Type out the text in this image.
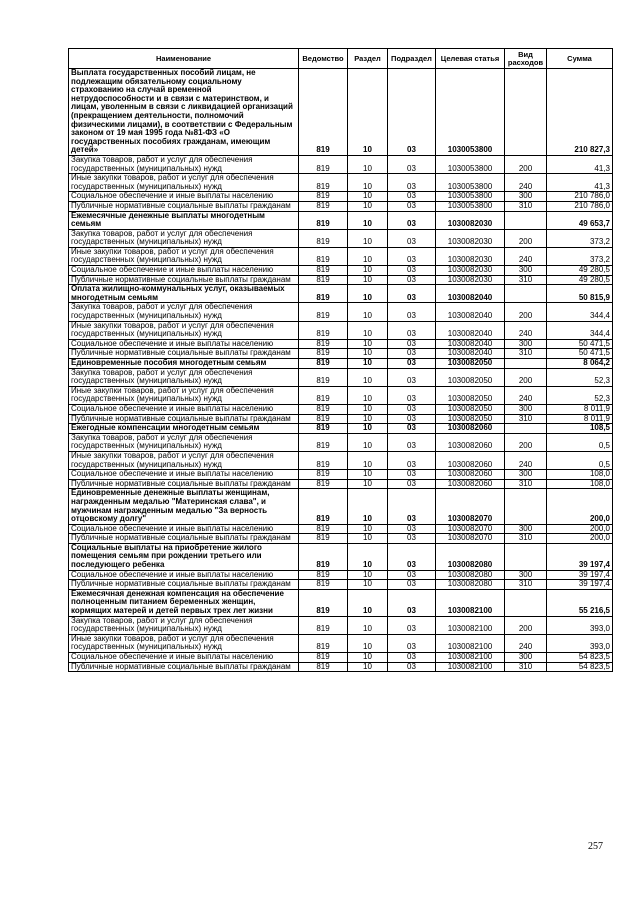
Наименование	Ведомство	Раздел	Подраздел	Целевая статья	Вид расходов	Сумма
Выплата государственных пособий лицам, не подлежащим обязательному социальному страхованию на случай временной нетрудоспособности и в связи с материнством, и лицам, уволенным в связи с ликвидацией организаций (прекращением деятельности, полномочий физическими лицами), в соответствии с Федеральным законом от 19 мая 1995 года №81-ФЗ «О государственных пособиях гражданам, имеющим детей»	819	10	03	1030053800		210 827,3
Закупка товаров, работ и услуг для обеспечения государственных (муниципальных) нужд	819	10	03	1030053800	200	41,3
Иные закупки товаров, работ и услуг для обеспечения государственных (муниципальных) нужд	819	10	03	1030053800	240	41,3
Социальное обеспечение и иные выплаты населению	819	10	03	1030053800	300	210 786,0
Публичные нормативные социальные выплаты гражданам	819	10	03	1030053800	310	210 786,0
Ежемесячные денежные выплаты многодетным семьям	819	10	03	1030082030		49 653,7
Закупка товаров, работ и услуг для обеспечения государственных (муниципальных) нужд	819	10	03	1030082030	200	373,2
Иные закупки товаров, работ и услуг для обеспечения государственных (муниципальных) нужд	819	10	03	1030082030	240	373,2
Социальное обеспечение и иные выплаты населению	819	10	03	1030082030	300	49 280,5
Публичные нормативные социальные выплаты гражданам	819	10	03	1030082030	310	49 280,5
Оплата жилищно-коммунальных услуг, оказываемых многодетным семьям	819	10	03	1030082040		50 815,9
Закупка товаров, работ и услуг для обеспечения государственных (муниципальных) нужд	819	10	03	1030082040	200	344,4
Иные закупки товаров, работ и услуг для обеспечения государственных (муниципальных) нужд	819	10	03	1030082040	240	344,4
Социальное обеспечение и иные выплаты населению	819	10	03	1030082040	300	50 471,5
Публичные нормативные социальные выплаты гражданам	819	10	03	1030082040	310	50 471,5
Единовременные пособия многодетным семьям	819	10	03	1030082050		8 064,2
Закупка товаров, работ и услуг для обеспечения государственных (муниципальных) нужд	819	10	03	1030082050	200	52,3
Иные закупки товаров, работ и услуг для обеспечения государственных (муниципальных) нужд	819	10	03	1030082050	240	52,3
Социальное обеспечение и иные выплаты населению	819	10	03	1030082050	300	8 011,9
Публичные нормативные социальные выплаты гражданам	819	10	03	1030082050	310	8 011,9
Ежегодные компенсации многодетным семьям	819	10	03	1030082060		108,5
Закупка товаров, работ и услуг для обеспечения государственных (муниципальных) нужд	819	10	03	1030082060	200	0,5
Иные закупки товаров, работ и услуг для обеспечения государственных (муниципальных) нужд	819	10	03	1030082060	240	0,5
Социальное обеспечение и иные выплаты населению	819	10	03	1030082060	300	108,0
Публичные нормативные социальные выплаты гражданам	819	10	03	1030082060	310	108,0
Единовременные денежные выплаты женщинам, награжденным медалью "Материнская слава", и мужчинам награжденным медалью "За верность отцовскому долгу"	819	10	03	1030082070		200,0
Социальное обеспечение и иные выплаты населению	819	10	03	1030082070	300	200,0
Публичные нормативные социальные выплаты гражданам	819	10	03	1030082070	310	200,0
Социальные выплаты на приобретение жилого помещения семьям при рождении третьего или последующего ребенка	819	10	03	1030082080		39 197,4
Социальное обеспечение и иные выплаты населению	819	10	03	1030082080	300	39 197,4
Публичные нормативные социальные выплаты гражданам	819	10	03	1030082080	310	39 197,4
Ежемесячная денежная компенсация на обеспечение полноценным питанием беременных женщин, кормящих матерей и детей первых трех лет жизни	819	10	03	1030082100		55 216,5
Закупка товаров, работ и услуг для обеспечения государственных (муниципальных) нужд	819	10	03	1030082100	200	393,0
Иные закупки товаров, работ и услуг для обеспечения государственных (муниципальных) нужд	819	10	03	1030082100	240	393,0
Социальное обеспечение и иные выплаты населению	819	10	03	1030082100	300	54 823,5
Публичные нормативные социальные выплаты гражданам	819	10	03	1030082100	310	54 823,5
257
